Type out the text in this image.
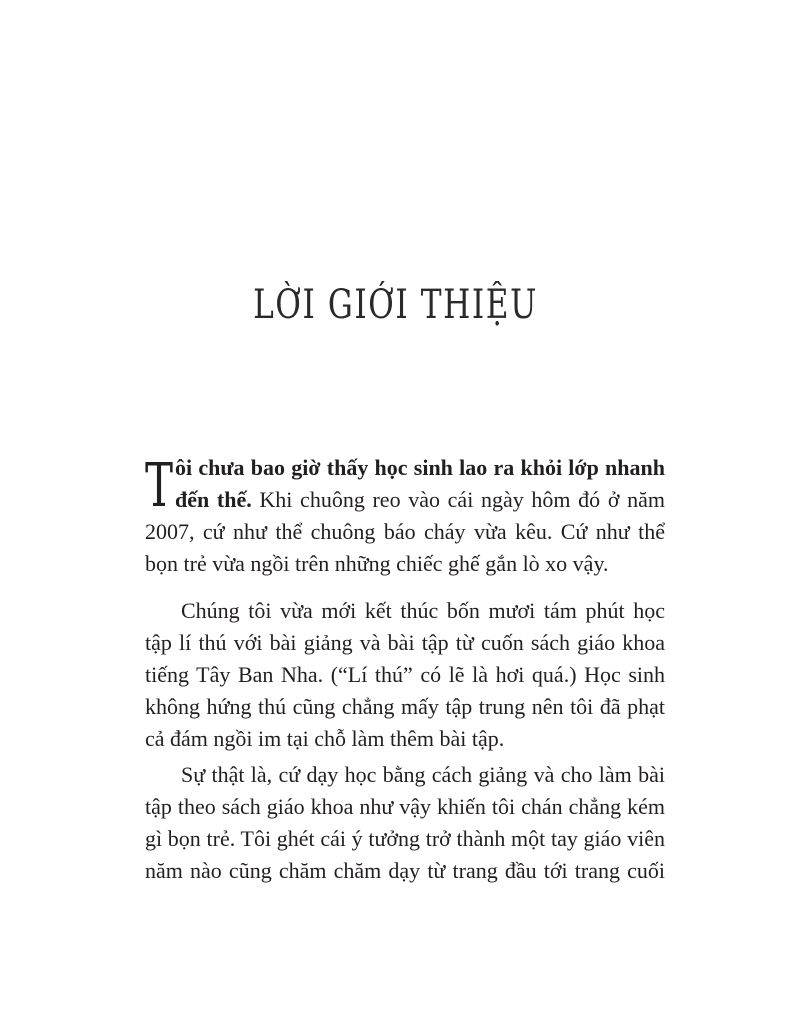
LỜI GIỚI THIỆU
T ôi chưa bao giờ thấy học sinh lao ra khỏi lớp nhanh
đến thế. Khi chuông reo vào cái ngày hôm đó ở năm
2007, cứ như thể chuông báo cháy vừa kêu. Cứ như thể
bọn trẻ vừa ngồi trên những chiếc ghế gắn lò xo vậy.
Chúng tôi vừa mới kết thúc bốn mươi tám phút học
tập lí thú với bài giảng và bài tập từ cuốn sách giáo khoa
tiếng Tây Ban Nha. (“Lí thú” có lẽ là hơi quá.) Học sinh
không hứng thú cũng chẳng mấy tập trung nên tôi đã phạt
cả đám ngồi im tại chỗ làm thêm bài tập.
Sự thật là, cứ dạy học bằng cách giảng và cho làm bài
tập theo sách giáo khoa như vậy khiến tôi chán chẳng kém
gì bọn trẻ. Tôi ghét cái ý tưởng trở thành một tay giáo viên
năm nào cũng chăm chăm dạy từ trang đầu tới trang cuối
